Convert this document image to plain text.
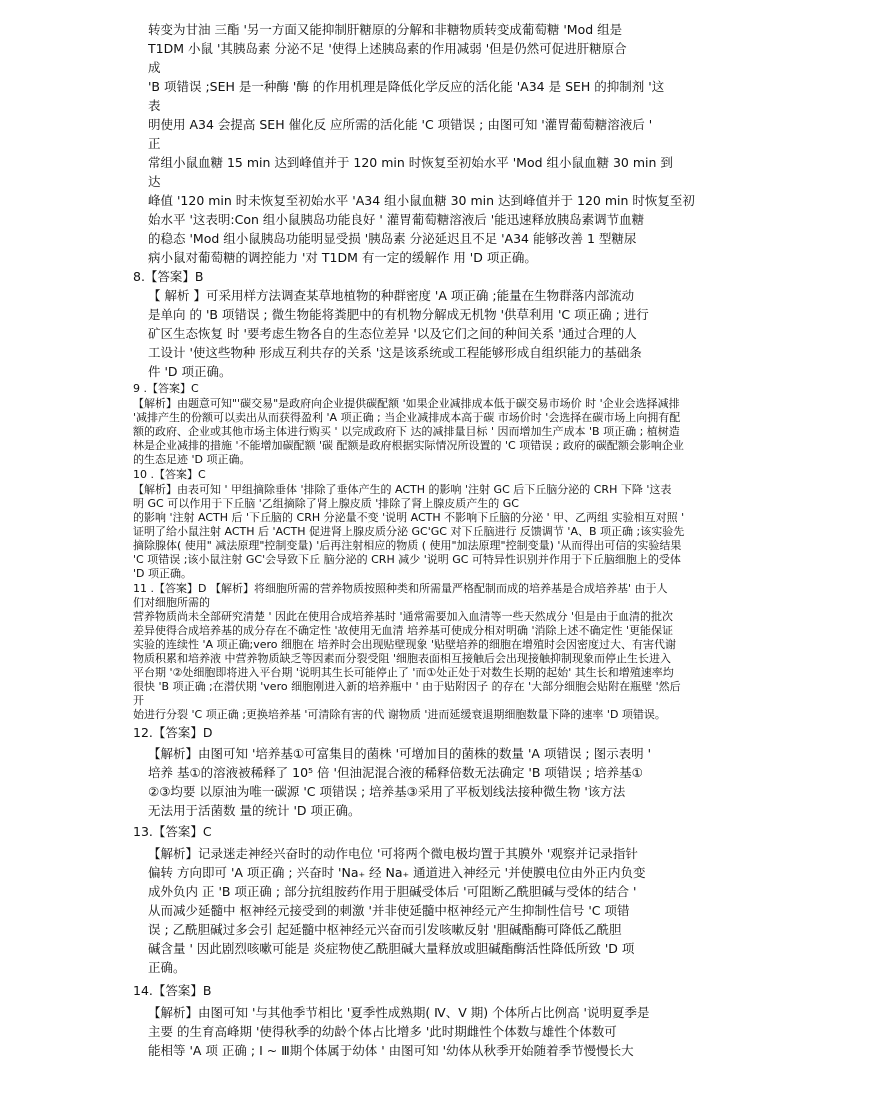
转变为甘油 三酯 '另一方面又能抑制肝糖原的分解和非糖物质转变成葡萄糖 'Mod 组是
T1DM 小鼠 '其胰岛素 分泌不足 '使得上述胰岛素的作用减弱 '但是仍然可促进肝糖原合
成
'B 项错误 ;SEH 是一种酶 '酶 的作用机理是降低化学反应的活化能 'A34 是 SEH 的抑制剂 '这
表
明使用 A34 会提高 SEH 催化反 应所需的活化能 'C 项错误 ; 由图可知 '灌胃葡萄糖溶液后 '
正
常组小鼠血糖 15 min 达到峰值并于 120 min 时恢复至初始水平 'Mod 组小鼠血糖 30 min 到
达
峰值 '120 min 时未恢复至初始水平 'A34 组小鼠血糖 30 min 达到峰值并于 120 min 时恢复至初
始水平 '这表明:Con 组小鼠胰岛功能良好 ' 灌胃葡萄糖溶液后 '能迅速释放胰岛素调节血糖
的稳态 'Mod 组小鼠胰岛功能明显受损 '胰岛素 分泌延迟且不足 'A34 能够改善 1 型糖尿
病小鼠对葡萄糖的调控能力 '对 T1DM 有一定的缓解作 用 'D 项正确。
8.【答案】B
【 解析 】可采用样方法调查某草地植物的种群密度 'A 项正确 ;能量在生物群落内部流动
是单向 的 'B 项错误 ; 微生物能将粪肥中的有机物分解成无机物 '供草利用 'C 项正确 ; 进行
矿区生态恢复 时 '要考虑生物各自的生态位差异 '以及它们之间的种间关系 '通过合理的人
工设计 '使这些物种 形成互利共存的关系 '这是该系统或工程能够形成自组织能力的基础条
件 'D 项正确。
9 .【答案】C
【解析】由题意可知"'碳交易"是政府向企业提供碳配额 '如果企业减排成本低于碳交易市场价 时 '企业会选择减排
'减排产生的份额可以卖出从而获得盈利 'A 项正确 ; 当企业减排成本高于碳 市场价时 '会选择在碳市场上向拥有配
额的政府、企业或其他市场主体进行购买 ' 以完成政府下 达的减排量目标 ' 因而增加生产成本 'B 项正确 ; 植树造
林是企业减排的措施 '不能增加碳配额 '碳 配额是政府根据实际情况所设置的 'C 项错误 ; 政府的碳配额会影响企业
的生态足迹 'D 项正确。
10 .【答案】C
【解析】由表可知 ' 甲组摘除垂体 '排除了垂体产生的 ACTH 的影响 '注射 GC 后下丘脑分泌的 CRH 下降 '这表
明 GC 可以作用于下丘脑 '乙组摘除了肾上腺皮质 '排除了肾上腺皮质产生的 GC
的影响 '注射 ACTH 后 '下丘脑的 CRH 分泌量不变 '说明 ACTH 不影响下丘脑的分泌 ' 甲、乙两组 实验相互对照 '
证明了给小鼠注射 ACTH 后 'ACTH 促进肾上腺皮质分泌 GC'GC 对下丘脑进行 反馈调节 'A、B 项正确 ;该实验先
摘除腺体( 使用" 减法原理"控制变量) '后再注射相应的物质 ( 使用"加法原理"控制变量) '从而得出可信的实验结果
'C 项错误 ;该小鼠注射 GC'会导致下丘 脑分泌的 CRH 减少 '说明 GC 可特异性识别并作用于下丘脑细胞上的受体
'D 项正确。
11 .【答案】D 【解析】将细胞所需的营养物质按照种类和所需量严格配制而成的培养基是合成培养基' 由于人
们对细胞所需的
营养物质尚未全部研究清楚 ' 因此在使用合成培养基时 '通常需要加入血清等一些天然成分 '但是由于血清的批次
差异使得合成培养基的成分存在不确定性 '故使用无血清 培养基可使成分相对明确 '消除上述不确定性 '更能保证
实验的连续性 'A 项正确;vero 细胞在 培养时会出现贴壁现象 '贴壁培养的细胞在增殖时会因密度过大、有害代谢
物质积累和培养液 中营养物质缺乏等因素而分裂受阻 '细胞表面相互接触后会出现接触抑制现象而停止生长进入
平台期 '②处细胞即将进入平台期 '说明其生长可能停止了 '而①处正处于对数生长期的起始' 其生长和增殖速率均
很快 'B 项正确 ;在潜伏期 'vero 细胞刚进入新的培养瓶中 ' 由于贴附因子 的存在 '大部分细胞会贴附在瓶壁 '然后
开
始进行分裂 'C 项正确 ;更换培养基 '可清除有害的代 谢物质 '进而延缓衰退期细胞数量下降的速率 'D 项错误。
12.【答案】D
【解析】由图可知 '培养基①可富集目的菌株 '可增加目的菌株的数量 'A 项错误 ; 图示表明 '
培养 基①的溶液被稀释了 10⁵ 倍 '但油泥混合液的稀释倍数无法确定 'B 项错误 ; 培养基①
②③均要 以原油为唯一碳源 'C 项错误 ; 培养基③采用了平板划线法接种微生物 '该方法
无法用于活菌数 量的统计 'D 项正确。
13.【答案】C
【解析】记录迷走神经兴奋时的动作电位 '可将两个微电极均置于其膜外 '观察并记录指针
偏转 方向即可 'A 项正确 ; 兴奋时 'Na₊ 经 Na₊ 通道进入神经元 '并使膜电位由外正内负变
成外负内 正 'B 项正确 ; 部分抗组胺药作用于胆碱受体后 '可阻断乙酰胆碱与受体的结合 '
从而减少延髓中 枢神经元接受到的刺激 '并非使延髓中枢神经元产生抑制性信号 'C 项错
误 ; 乙酰胆碱过多会引 起延髓中枢神经元兴奋而引发咳嗽反射 '胆碱酯酶可降低乙酰胆
碱含量 ' 因此剧烈咳嗽可能是 炎症物使乙酰胆碱大量释放或胆碱酯酶活性降低所致 'D 项
正确。
14.【答案】B
【解析】由图可知 '与其他季节相比 '夏季性成熟期( Ⅳ、Ⅴ 期) 个体所占比例高 '说明夏季是
主要 的生育高峰期 '使得秋季的幼龄个体占比增多 '此时期雌性个体数与雄性个体数可
能相等 'A 项 正确 ; Ⅰ ~ Ⅲ期个体属于幼体 ' 由图可知 '幼体从秋季开始随着季节慢慢长大
